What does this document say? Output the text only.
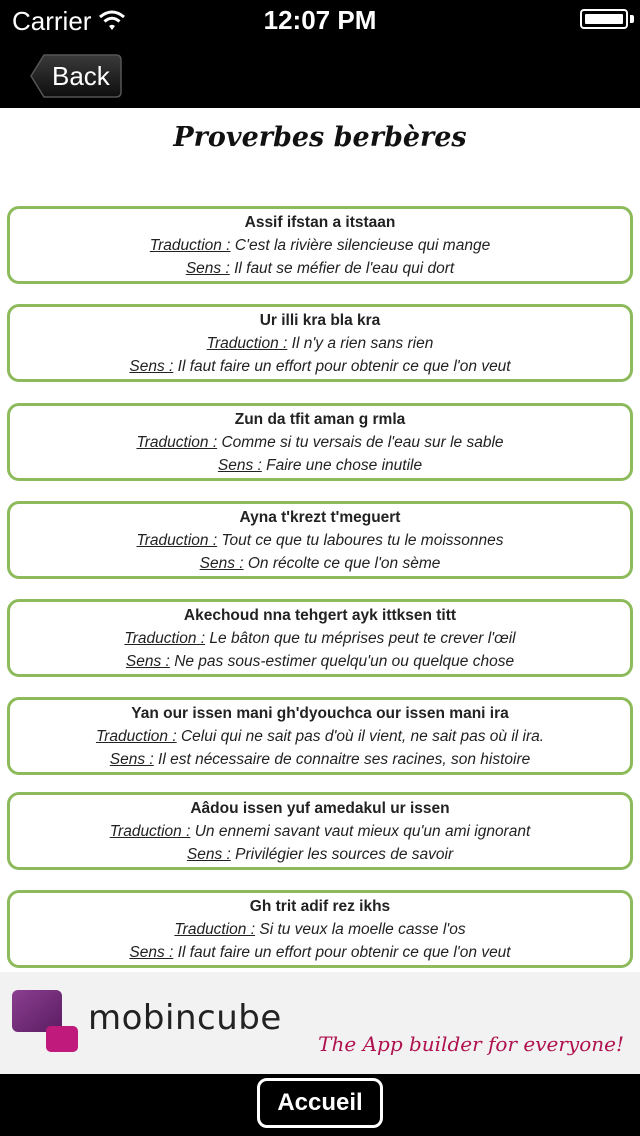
Carrier	12:07 PM
Back
Proverbes berbères
Assif ifstan a itstaan
Traduction : C'est la rivière silencieuse qui mange
Sens : Il faut se méfier de l'eau qui dort
Ur illi kra bla kra
Traduction : Il n'y a rien sans rien
Sens : Il faut faire un effort pour obtenir ce que l'on veut
Zun da tfit aman g rmla
Traduction : Comme si tu versais de l'eau sur le sable
Sens : Faire une chose inutile
Ayna t'krezt t'meguert
Traduction : Tout ce que tu laboures tu le moissonnes
Sens : On récolte ce que l'on sème
Akechoud nna tehgert ayk ittksen titt
Traduction : Le bâton que tu méprises peut te crever l'œil
Sens : Ne pas sous-estimer quelqu'un ou quelque chose
Yan our issen mani gh'dyouchca our issen mani ira
Traduction : Celui qui ne sait pas d'où il vient, ne sait pas où il ira.
Sens : Il est nécessaire de connaitre ses racines, son histoire
Aâdou issen yuf amedakul ur issen
Traduction : Un ennemi savant vaut mieux qu'un ami ignorant
Sens : Privilégier les sources de savoir
Gh trit adif rez ikhs
Traduction : Si tu veux la moelle casse l'os
Sens : Il faut faire un effort pour obtenir ce que l'on veut
mobincube
The App builder for everyone!
Accueil
